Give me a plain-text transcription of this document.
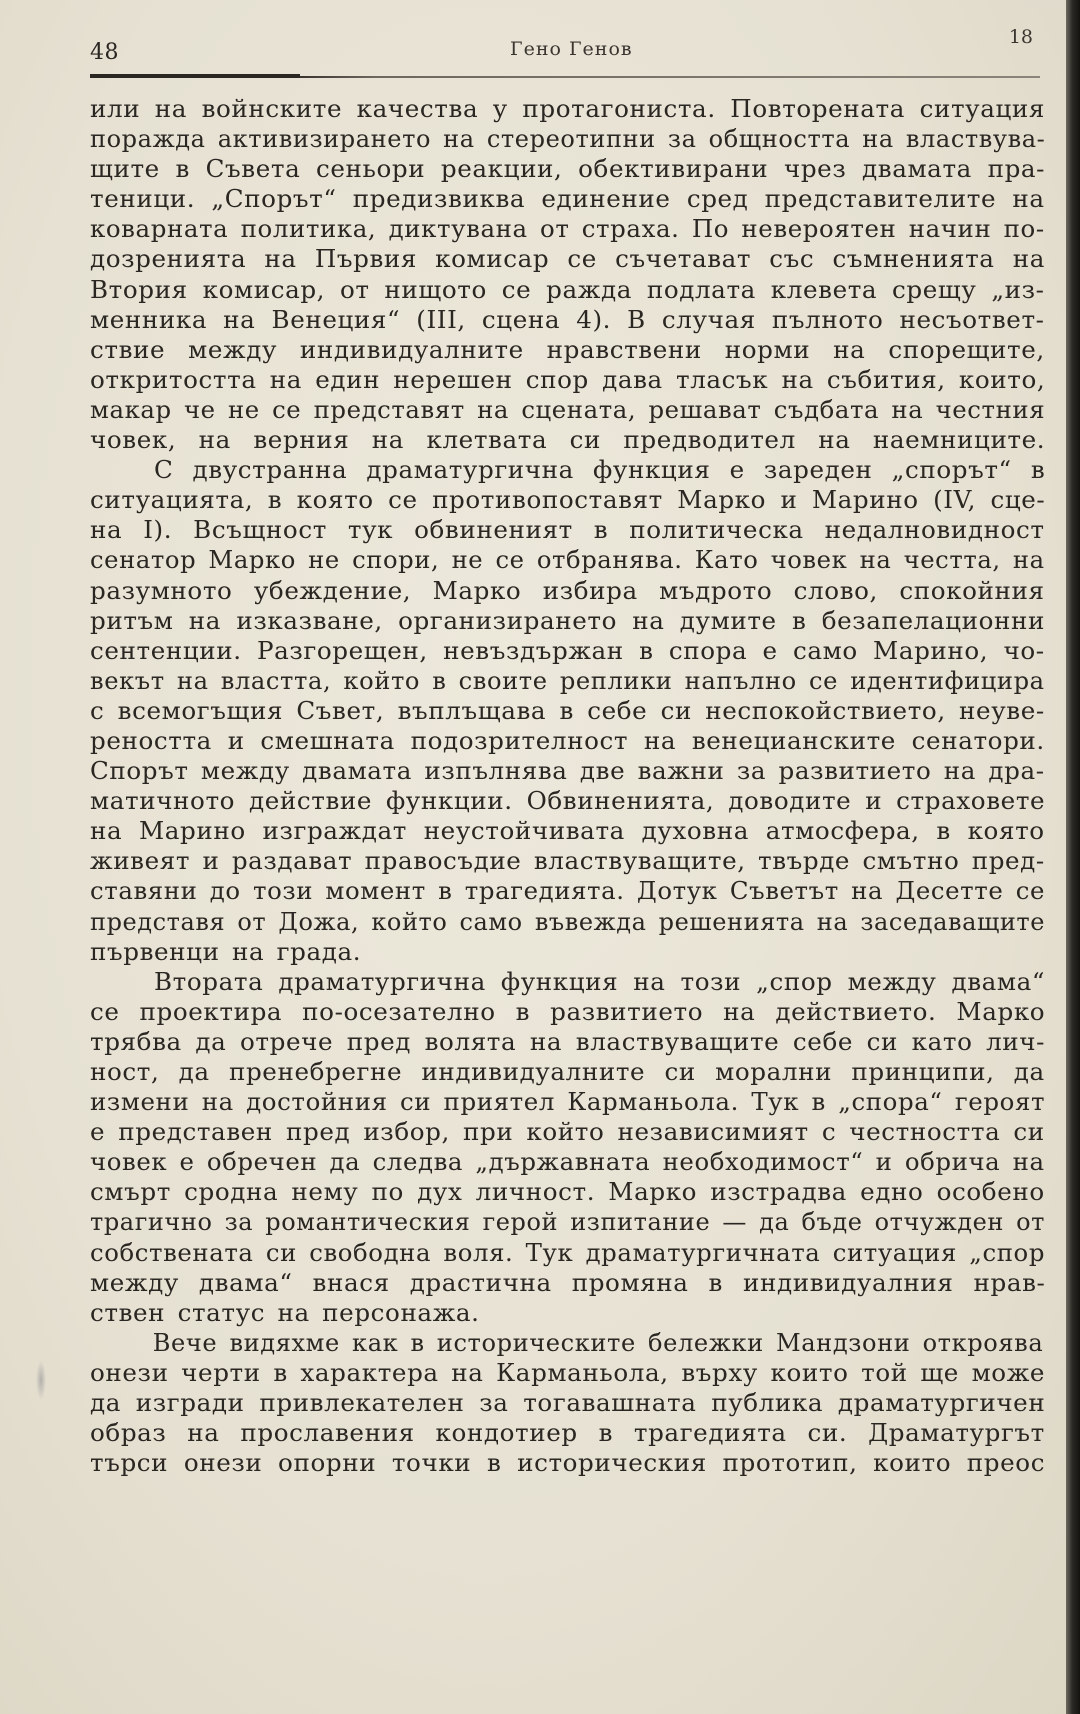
48	Гено Генов
18
или на войнските качества у протагониста. Повторената ситуация
поражда активизирането на стереотипни за общността на властвува-
щите в Съвета сеньори реакции, обективирани чрез двамата пра-
теници. „Спорът“ предизвиква единение сред представителите на
коварната политика, диктувана от страха. По невероятен начин по-
дозренията на Първия комисар се съчетават със съмненията на
Втория комисар, от нищото се ражда подлата клевета срещу „из-
менника на Венеция“ (III, сцена 4). В случая пълното несъответ-
ствие между индивидуалните нравствени норми на спорещите,
откритостта на един нерешен спор дава тласък на събития, които,
макар че не се представят на сцената, решават съдбата на честния
човек, на верния на клетвата си предводител на наемниците.
С двустранна драматургична функция е зареден „спорът“ в
ситуацията, в която се противопоставят Марко и Марино (IV, сце-
на I). Всъщност тук обвиненият в политическа недалновидност
сенатор Марко не спори, не се отбранява. Като човек на честта, на
разумното убеждение, Марко избира мъдрото слово, спокойния
ритъм на изказване, организирането на думите в безапелационни
сентенции. Разгорещен, невъздържан в спора е само Марино, чо-
векът на властта, който в своите реплики напълно се идентифицира
с всемогъщия Съвет, въплъщава в себе си неспокойствието, неуве-
реността и смешната подозрителност на венецианските сенатори.
Спорът между двамата изпълнява две важни за развитието на дра-
матичното действие функции. Обвиненията, доводите и страховете
на Марино изграждат неустойчивата духовна атмосфера, в която
живеят и раздават правосъдие властвуващите, твърде смътно пред-
ставяни до този момент в трагедията. Дотук Съветът на Десетте се
представя от Дожа, който само въвежда решенията на заседаващите
първенци на града.
Втората драматургична функция на този „спор между двама“
се проектира по-осезателно в развитието на действието. Марко
трябва да отрече пред волята на властвуващите себе си като лич-
ност, да пренебрегне индивидуалните си морални принципи, да
измени на достойния си приятел Карманьола. Тук в „спора“ героят
е представен пред избор, при който независимият с честността си
човек е обречен да следва „държавната необходимост“ и обрича на
смърт сродна нему по дух личност. Марко изстрадва едно особено
трагично за романтическия герой изпитание — да бъде отчужден от
собствената си свободна воля. Тук драматургичната ситуация „спор
между двама“ внася драстична промяна в индивидуалния нрав-
ствен статус на персонажа.
Вече видяхме как в историческите бележки Мандзони откроява
онези черти в характера на Карманьола, върху които той ще може
да изгради привлекателен за тогавашната публика драматургичен
образ на прославения кондотиер в трагедията си. Драматургът
търси онези опорни точки в историческия прототип, които преос
